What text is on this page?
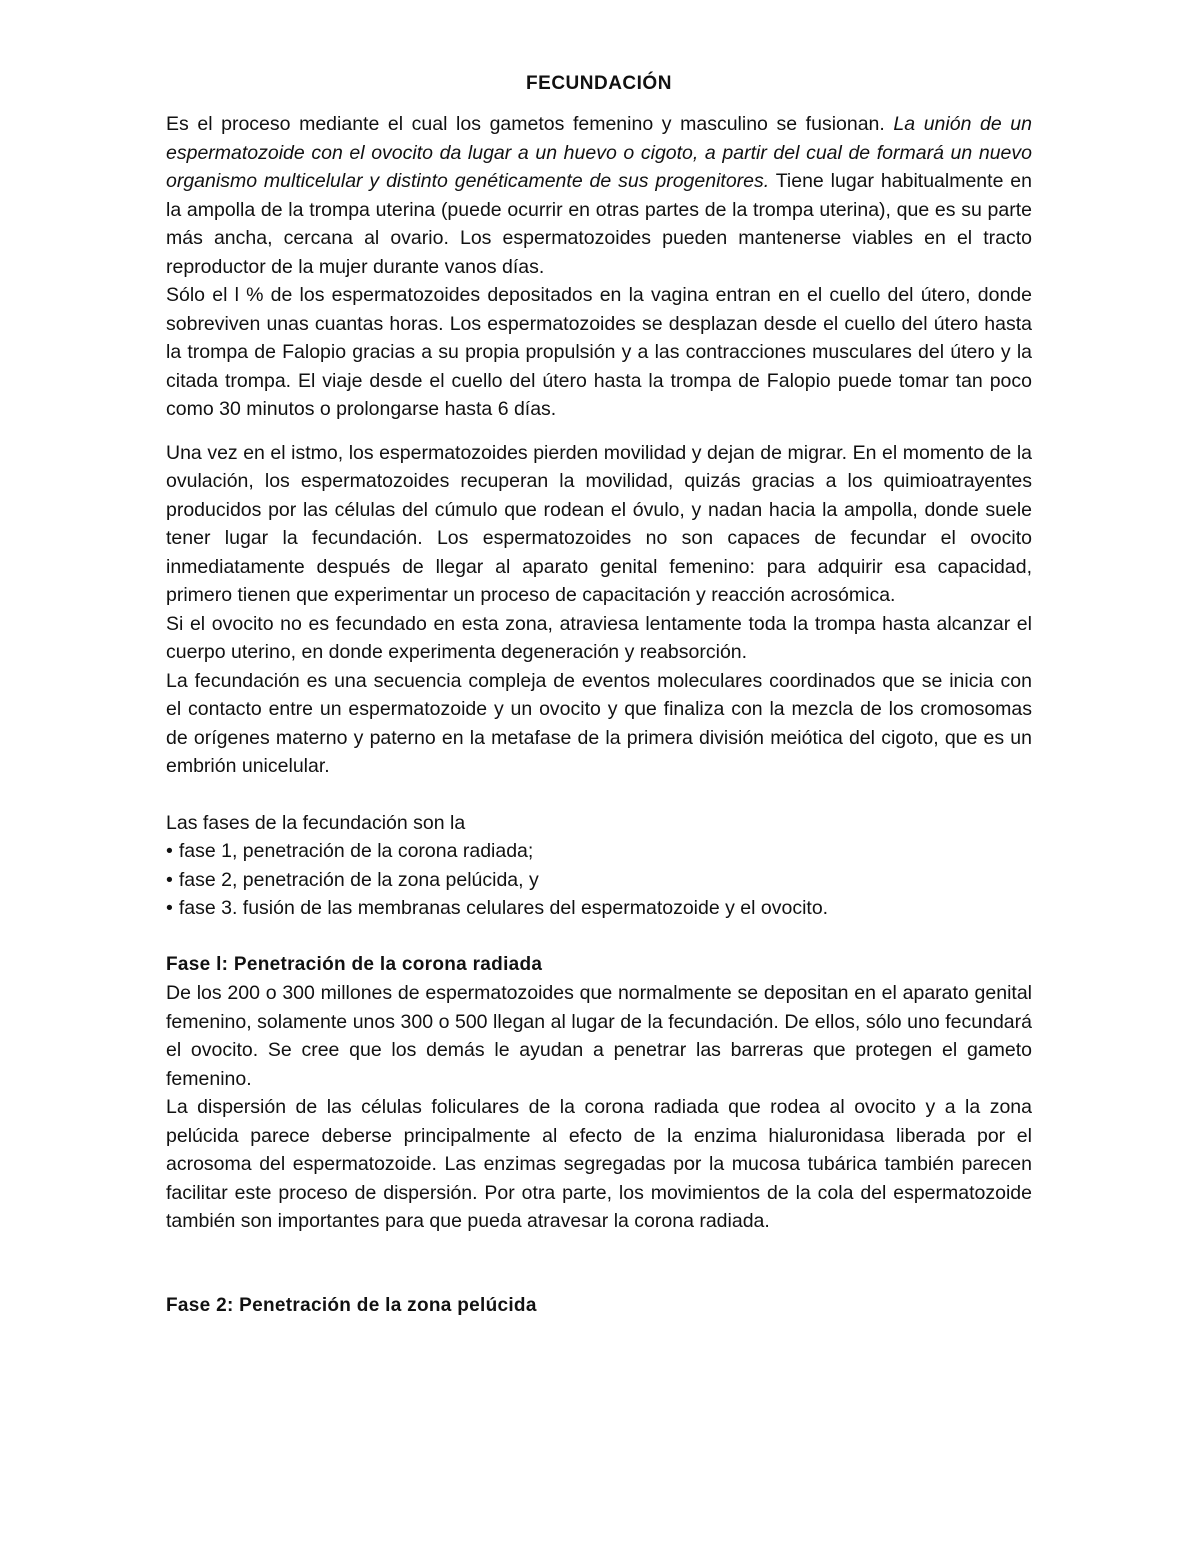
FECUNDACIÓN

Es el proceso mediante el cual los gametos femenino y masculino se fusionan. La unión de un espermatozoide con el ovocito da lugar a un huevo o cigoto, a partir del cual de formará un nuevo organismo multicelular y distinto genéticamente de sus progenitores. Tiene lugar habitualmente en la ampolla de la trompa uterina (puede ocurrir en otras partes de la trompa uterina), que es su parte más ancha, cercana al ovario. Los espermatozoides pueden mantenerse viables en el tracto reproductor de la mujer durante vanos días.

Sólo el l % de los espermatozoides depositados en la vagina entran en el cuello del útero, donde sobreviven unas cuantas horas. Los espermatozoides se desplazan desde el cuello del útero hasta la trompa de Falopio gracias a su propia propulsión y a las contracciones musculares del útero y la citada trompa. El viaje desde el cuello del útero hasta la trompa de Falopio puede tomar tan poco como 30 minutos o prolongarse hasta 6 días.

Una vez en el istmo, los espermatozoides pierden movilidad y dejan de migrar. En el momento de la ovulación, los espermatozoides recuperan la movilidad, quizás gracias a los quimioatrayentes producidos por las células del cúmulo que rodean el óvulo, y nadan hacia la ampolla, donde suele tener lugar la fecundación. Los espermatozoides no son capaces de fecundar el ovocito inmediatamente después de llegar al aparato genital femenino: para adquirir esa capacidad, primero tienen que experimentar un proceso de capacitación y reacción acrosómica.

Si el ovocito no es fecundado en esta zona, atraviesa lentamente toda la trompa hasta alcanzar el cuerpo uterino, en donde experimenta degeneración y reabsorción.

La fecundación es una secuencia compleja de eventos moleculares coordinados que se inicia con el contacto entre un espermatozoide y un ovocito y que finaliza con la mezcla de los cromosomas de orígenes materno y paterno en la metafase de la primera división meiótica del cigoto, que es un embrión unicelular.

Las fases de la fecundación son la

• fase 1, penetración de la corona radiada;
• fase 2, penetración de la zona pelúcida, y
• fase 3. fusión de las membranas celulares del espermatozoide y el ovocito.
Fase l: Penetración de la corona radiada

De los 200 o 300 millones de espermatozoides que normalmente se depositan en el aparato genital femenino, solamente unos 300 o 500 llegan al lugar de la fecundación. De ellos, sólo uno fecundará el ovocito. Se cree que los demás le ayudan a penetrar las barreras que protegen el gameto femenino.

La dispersión de las células foliculares de la corona radiada que rodea al ovocito y a la zona pelúcida parece deberse principalmente al efecto de la enzima hialuronidasa liberada por el acrosoma del espermatozoide. Las enzimas segregadas por la mucosa tubárica también parecen facilitar este proceso de dispersión. Por otra parte, los movimientos de la cola del espermatozoide también son importantes para que pueda atravesar la corona radiada.

Fase 2: Penetración de la zona pelúcida
